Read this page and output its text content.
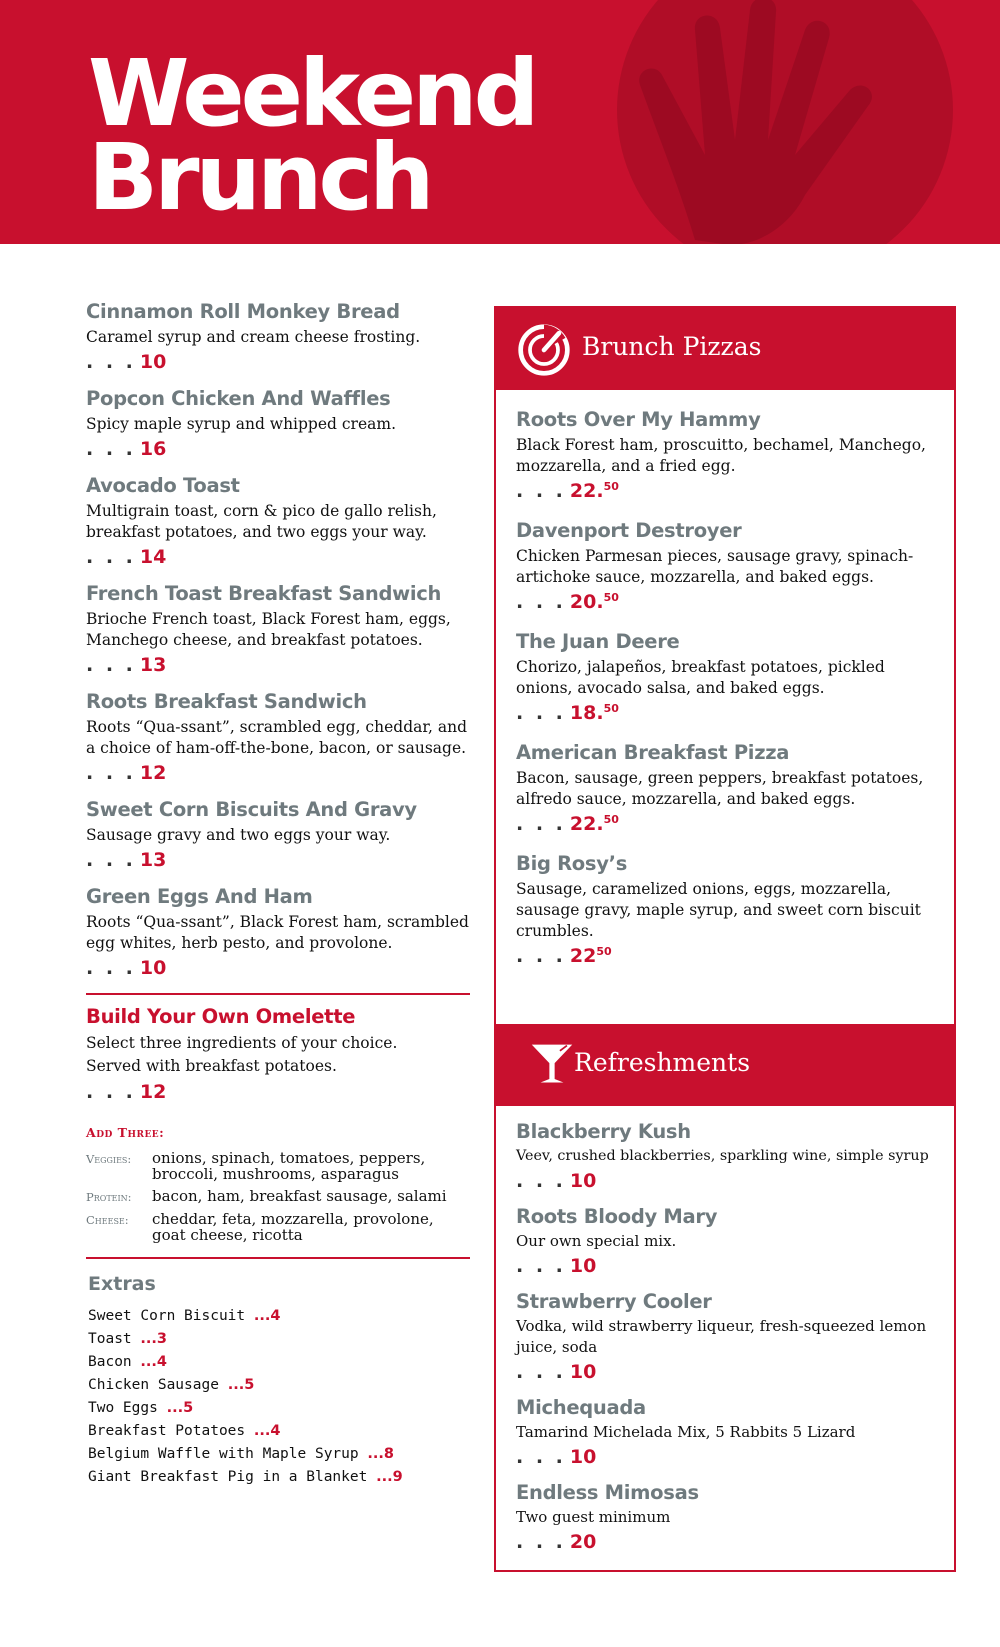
Weekend
Brunch
Cinnamon Roll Monkey Bread
Caramel syrup and cream cheese frosting.
. . . 10
Popcon Chicken And Waffles
Spicy maple syrup and whipped cream.
. . . 16
Avocado Toast
Multigrain toast, corn & pico de gallo relish, breakfast potatoes, and two eggs your way.
. . . 14
French Toast Breakfast Sandwich
Brioche French toast, Black Forest ham, eggs, Manchego cheese, and breakfast potatoes.
. . . 13
Roots Breakfast Sandwich
Roots “Qua-ssant”, scrambled egg, cheddar, and a choice of ham-off-the-bone, bacon, or sausage.
. . . 12
Sweet Corn Biscuits And Gravy
Sausage gravy and two eggs your way.
. . . 13
Green Eggs And Ham
Roots “Qua-ssant”, Black Forest ham, scrambled egg whites, herb pesto, and provolone.
. . . 10
Build Your Own Omelette
Select three ingredients of your choice.
Served with breakfast potatoes.
. . . 12
Add Three:
Veggies:	onions, spinach, tomatoes, peppers, broccoli, mushrooms, asparagus
Protein:	bacon, ham, breakfast sausage, salami
Cheese:	cheddar, feta, mozzarella, provolone, goat cheese, ricotta
Extras
Sweet Corn Biscuit ...4
Toast ...3
Bacon ...4
Chicken Sausage ...5
Two Eggs ...5
Breakfast Potatoes ...4
Belgium Waffle with Maple Syrup ...8
Giant Breakfast Pig in a Blanket ...9
Brunch Pizzas
Roots Over My Hammy
Black Forest ham, proscuitto, bechamel, Manchego, mozzarella, and a fried egg.
. . . 22.50
Davenport Destroyer
Chicken Parmesan pieces, sausage gravy, spinach-artichoke sauce, mozzarella, and baked eggs.
. . . 20.50
The Juan Deere
Chorizo, jalapeños, breakfast potatoes, pickled onions, avocado salsa, and baked eggs.
. . . 18.50
American Breakfast Pizza
Bacon, sausage, green peppers, breakfast potatoes, alfredo sauce, mozzarella, and baked eggs.
. . . 22.50
Big Rosy’s
Sausage, caramelized onions, eggs, mozzarella, sausage gravy, maple syrup, and sweet corn biscuit crumbles.
. . . $22^{50}$
Refreshments
Blackberry Kush
Veev, crushed blackberries, sparkling wine, simple syrup
. . . 10
Roots Bloody Mary
Our own special mix.
. . . 10
Strawberry Cooler
Vodka, wild strawberry liqueur, fresh-squeezed lemon juice, soda
. . . 10
Michequada
Tamarind Michelada Mix, 5 Rabbits 5 Lizard
. . . 10
Endless Mimosas
Two guest minimum
. . . 20
